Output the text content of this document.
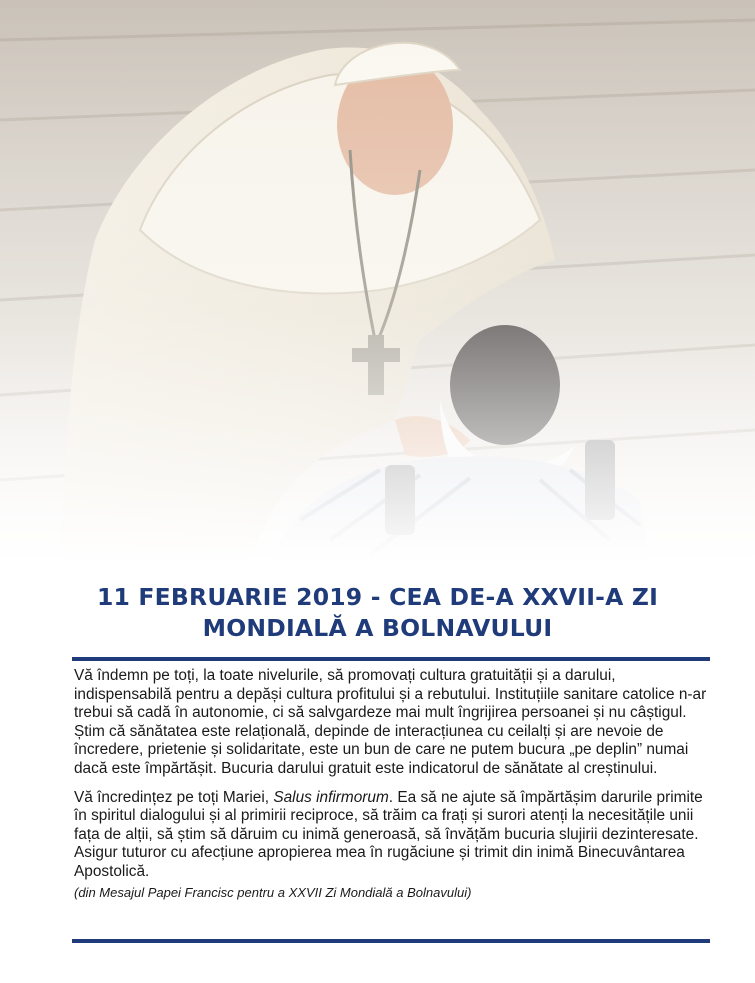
11 FEBRUARIE 2019 - CEA DE-A XXVII-A ZI
MONDIALĂ A BOLNAVULUI

Vă îndemn pe toți, la toate nivelurile, să promovați cultura gratuității și a darului, indispensabilă pentru a depăși cultura profitului și a rebutului. Instituțiile sanitare catolice n-ar trebui să cadă în autonomie, ci să salvgardeze mai mult îngrijirea persoanei și nu câștigul. Știm că sănătatea este relațională, depinde de interacțiunea cu ceilalți și are nevoie de încredere, prietenie și solidaritate, este un bun de care ne putem bucura „pe deplin” numai dacă este împărtășit. Bucuria darului gratuit este indicatorul de sănătate al creștinului.

Vă încredințez pe toți Mariei, Salus infirmorum. Ea să ne ajute să împărtășim darurile primite în spiritul dialogului și al primirii reciproce, să trăim ca frați și surori atenți la necesitățile unii fața de alții, să știm să dăruim cu inimă generoasă, să învățăm bucuria slujirii dezinteresate. Asigur tuturor cu afecțiune apropierea mea în rugăciune și trimit din inimă Binecuvântarea Apostolică.

(din Mesajul Papei Francisc pentru a XXVII Zi Mondială a Bolnavului)
